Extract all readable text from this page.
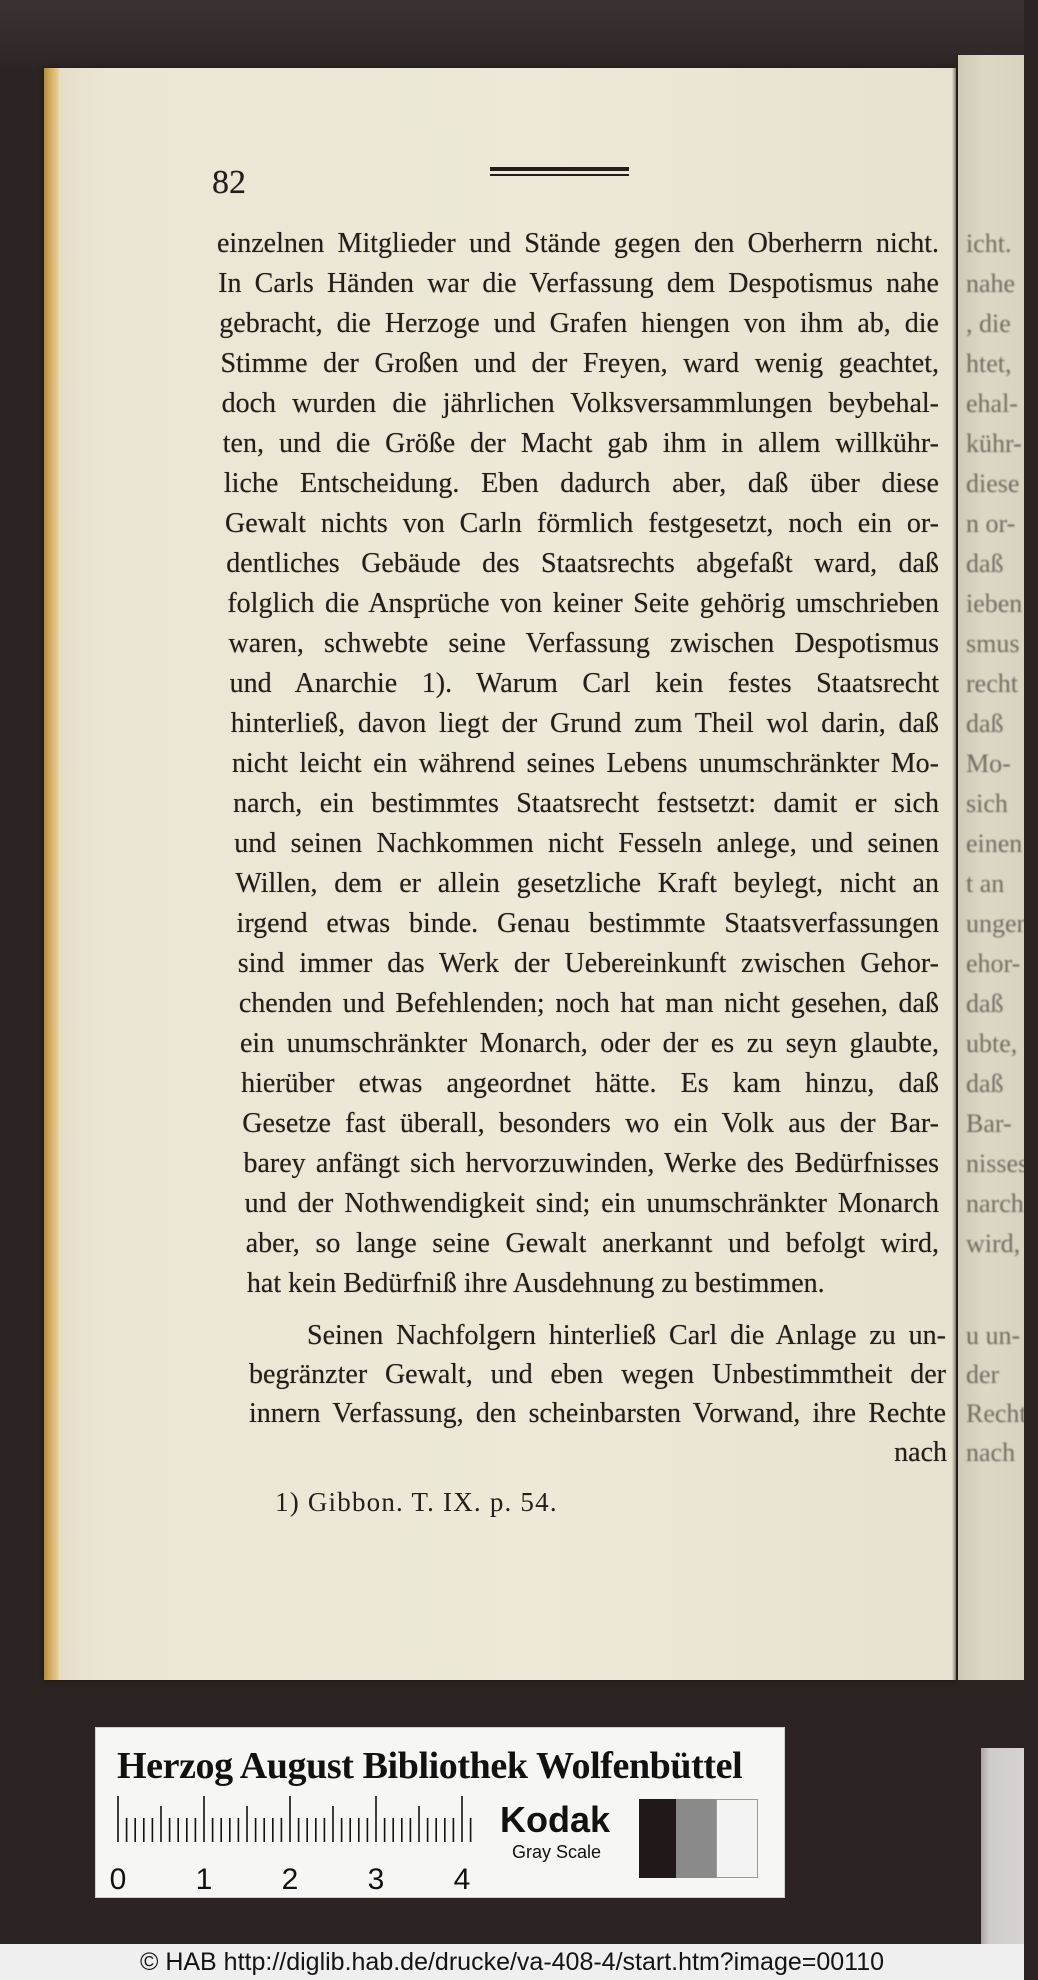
82
nach
1) Gibbon. T. IX. p. 54.
einzelnen Mitglieder und Stände gegen den Oberherrn nicht.
In Carls Händen war die Verfassung dem Despotismus nahe
gebracht, die Herzoge und Grafen hiengen von ihm ab, die
Stimme der Großen und der Freyen, ward wenig geachtet,
doch wurden die jährlichen Volksversammlungen beybehal-
ten, und die Größe der Macht gab ihm in allem willkühr-
liche Entscheidung. Eben dadurch aber, daß über diese
Gewalt nichts von Carln förmlich festgesetzt, noch ein or-
dentliches Gebäude des Staatsrechts abgefaßt ward, daß
folglich die Ansprüche von keiner Seite gehörig umschrieben
waren, schwebte seine Verfassung zwischen Despotismus
und Anarchie 1). Warum Carl kein festes Staatsrecht
hinterließ, davon liegt der Grund zum Theil wol darin, daß
nicht leicht ein während seines Lebens unumschränkter Mo-
narch, ein bestimmtes Staatsrecht festsetzt: damit er sich
und seinen Nachkommen nicht Fesseln anlege, und seinen
Willen, dem er allein gesetzliche Kraft beylegt, nicht an
irgend etwas binde. Genau bestimmte Staatsverfassungen
sind immer das Werk der Uebereinkunft zwischen Gehor-
chenden und Befehlenden; noch hat man nicht gesehen, daß
ein unumschränkter Monarch, oder der es zu seyn glaubte,
hierüber etwas angeordnet hätte. Es kam hinzu, daß
Gesetze fast überall, besonders wo ein Volk aus der Bar-
barey anfängt sich hervorzuwinden, Werke des Bedürfnisses
und der Nothwendigkeit sind; ein unumschränkter Monarch
aber, so lange seine Gewalt anerkannt und befolgt wird,
hat kein Bedürfniß ihre Ausdehnung zu bestimmen.
Seinen Nachfolgern hinterließ Carl die Anlage zu un-
begränzter Gewalt, und eben wegen Unbestimmtheit der
innern Verfassung, den scheinbarsten Vorwand, ihre Rechte
nach
icht.
nahe
, die
htet,
ehal-
kühr-
diese
n or-
daß
ieben
smus
recht
daß
Mo-
sich
einen
t an
ungen
ehor-
daß
ubte,
daß
Bar-
nisses
narch
wird,
u un-
der
Rechte
Herzog August Bibliothek Wolfenbüttel
Kodak
Gray Scale
0 1 2 3 4
© HAB http://diglib.hab.de/drucke/va-408-4/start.htm?image=00110
